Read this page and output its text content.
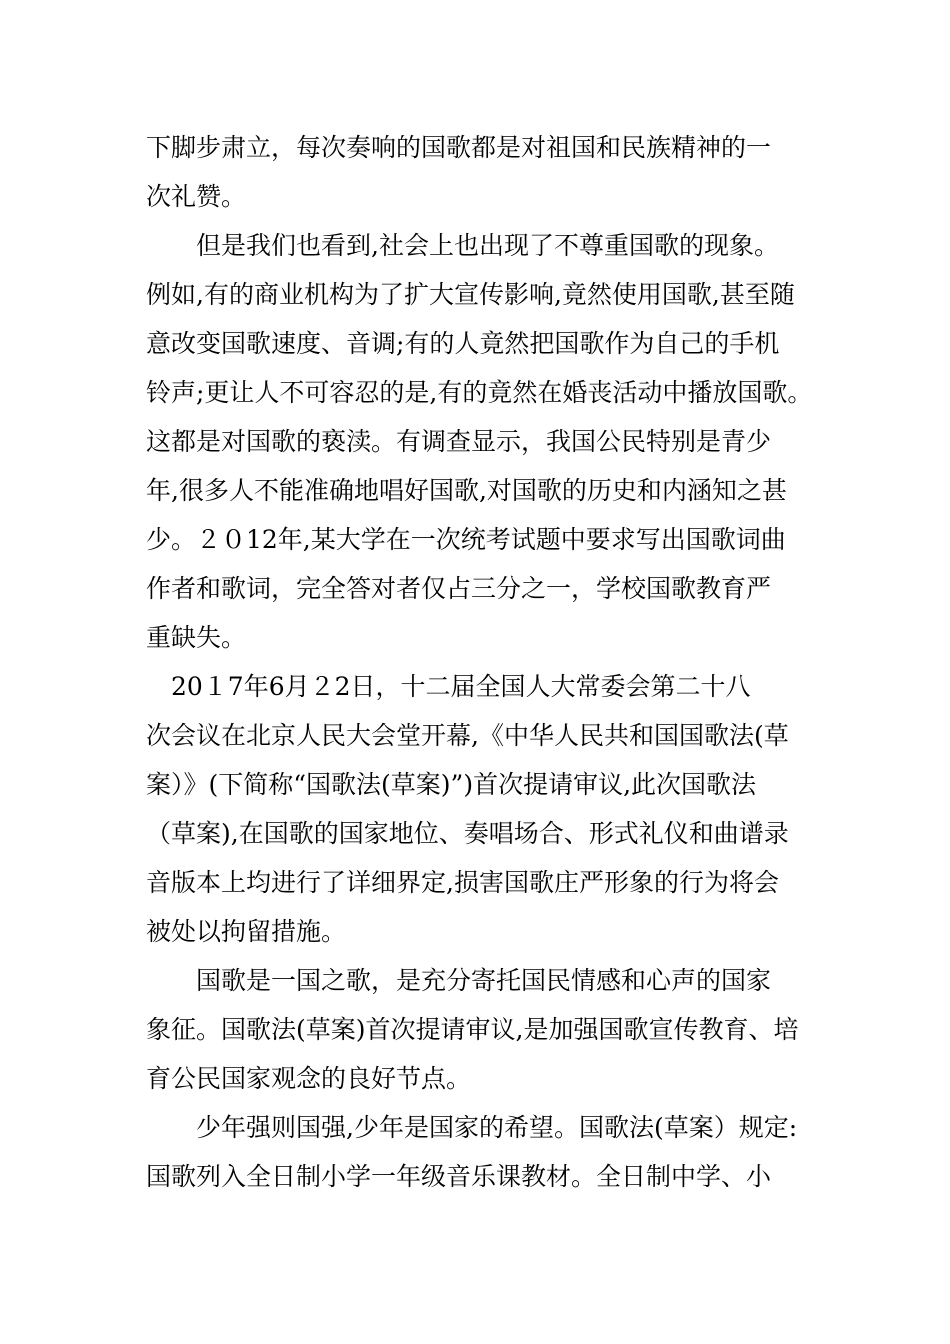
下脚步肃立，每次奏响的国歌都是对祖国和民族精神的一
次礼赞。
　　但是我们也看到,社会上也出现了不尊重国歌的现象。
例如,有的商业机构为了扩大宣传影响,竟然使用国歌,甚至随
意改变国歌速度、音调;有的人竟然把国歌作为自己的手机
铃声;更让人不可容忍的是,有的竟然在婚丧活动中播放国歌。
这都是对国歌的亵渎。有调查显示，我国公民特别是青少
年,很多人不能准确地唱好国歌,对国歌的历史和内涵知之甚
少。２０12年,某大学在一次统考试题中要求写出国歌词曲
作者和歌词，完全答对者仅占三分之一，学校国歌教育严
重缺失。
　20１7年6月２2日，十二届全国人大常委会第二十八
次会议在北京人民大会堂开幕,《中华人民共和国国歌法(草
案）》(下简称“国歌法(草案)”)首次提请审议,此次国歌法
（草案),在国歌的国家地位、奏唱场合、形式礼仪和曲谱录
音版本上均进行了详细界定,损害国歌庄严形象的行为将会
被处以拘留措施。
　　国歌是一国之歌，是充分寄托国民情感和心声的国家
象征。国歌法(草案)首次提请审议,是加强国歌宣传教育、培
育公民国家观念的良好节点。
　　少年强则国强,少年是国家的希望。国歌法(草案）规定:
国歌列入全日制小学一年级音乐课教材。全日制中学、小
